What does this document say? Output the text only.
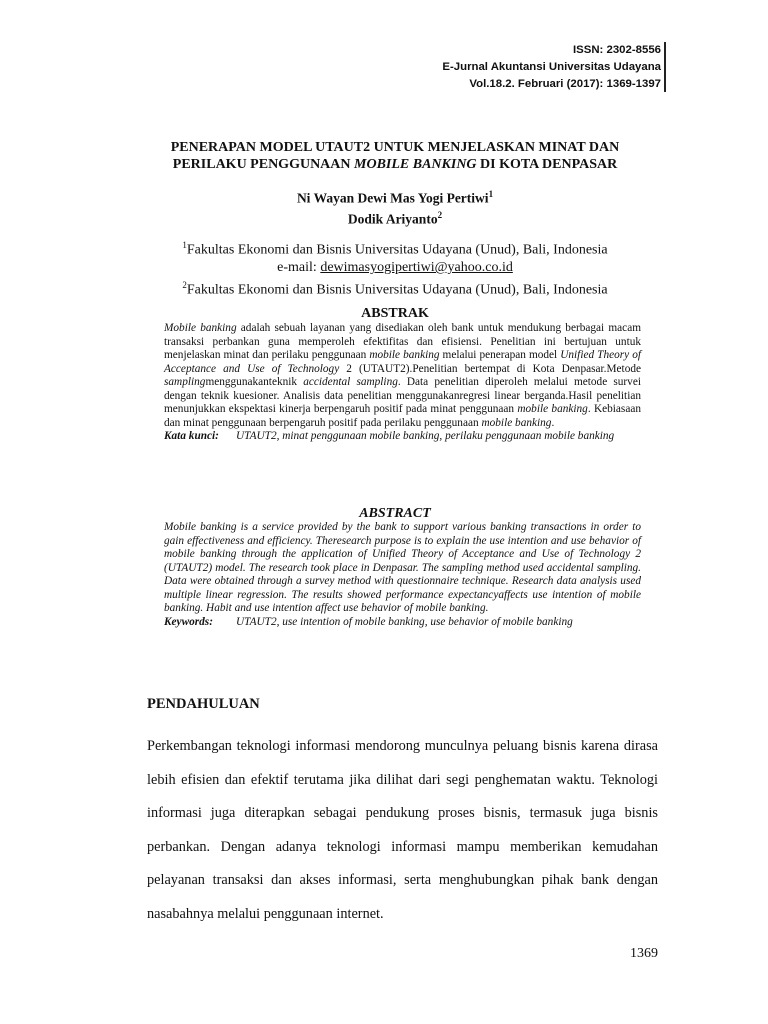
ISSN: 2302-8556
E-Jurnal Akuntansi Universitas Udayana
Vol.18.2. Februari (2017): 1369-1397
PENERAPAN MODEL UTAUT2 UNTUK MENJELASKAN MINAT DAN
PERILAKU PENGGUNAAN MOBILE BANKING DI KOTA DENPASAR
Ni Wayan Dewi Mas Yogi Pertiwi$^1$
Dodik Ariyanto$^2$
$^1$Fakultas Ekonomi dan Bisnis Universitas Udayana (Unud), Bali, Indonesia
e-mail: dewimasyogipertiwi@yahoo.co.id
$^2$Fakultas Ekonomi dan Bisnis Universitas Udayana (Unud), Bali, Indonesia
ABSTRAK

Mobile banking adalah sebuah layanan yang disediakan oleh bank untuk mendukung berbagai macam transaksi perbankan guna memperoleh efektifitas dan efisiensi. Penelitian ini bertujuan untuk menjelaskan minat dan perilaku penggunaan mobile banking melalui penerapan model Unified Theory of Acceptance and Use of Technology 2 (UTAUT2).Penelitian bertempat di Kota Denpasar.Metode samplingmenggunakanteknik accidental sampling. Data penelitian diperoleh melalui metode survei dengan teknik kuesioner. Analisis data penelitian menggunakanregresi linear berganda.Hasil penelitian menunjukkan ekspektasi kinerja berpengaruh positif pada minat penggunaan mobile banking. Kebiasaan dan minat penggunaan berpengaruh positif pada perilaku penggunaan mobile banking.

Kata kunci:	UTAUT2, minat penggunaan mobile banking, perilaku penggunaan mobile banking
ABSTRACT

Mobile banking is a service provided by the bank to support various banking transactions in order to gain effectiveness and efficiency. Theresearch purpose is to explain the use intention and use behavior of mobile banking through the application of Unified Theory of Acceptance and Use of Technology 2 (UTAUT2) model. The research took place in Denpasar. The sampling method used accidental sampling. Data were obtained through a survey method with questionnaire technique. Research data analysis used multiple linear regression. The results showed performance expectancyaffects use intention of mobile banking. Habit and use intention affect use behavior of mobile banking.

Keywords:	UTAUT2, use intention of mobile banking, use behavior of mobile banking
PENDAHULUAN

Perkembangan teknologi informasi mendorong munculnya peluang bisnis karena dirasa lebih efisien dan efektif terutama jika dilihat dari segi penghematan waktu. Teknologi informasi juga diterapkan sebagai pendukung proses bisnis, termasuk juga bisnis perbankan. Dengan adanya teknologi informasi mampu memberikan kemudahan pelayanan transaksi dan akses informasi, serta menghubungkan pihak bank dengan nasabahnya melalui penggunaan internet.

1369
